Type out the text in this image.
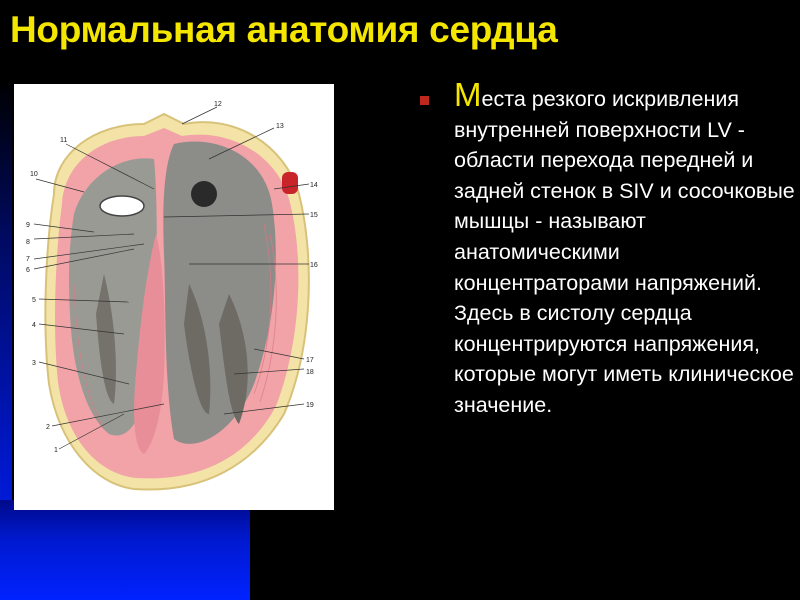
Нормальная анатомия сердца
10
11
12
13
14
15
16
9
8
7
6
5
4
3
2
1
17
18
19
Места резкого искривления внутренней поверхности LV - области перехода передней и задней стенок в SIV и сосочковые мышцы - называют анатомическими концентраторами напряжений. Здесь в систолу сердца концентрируются напряжения, которые могут иметь клиническое значение.
